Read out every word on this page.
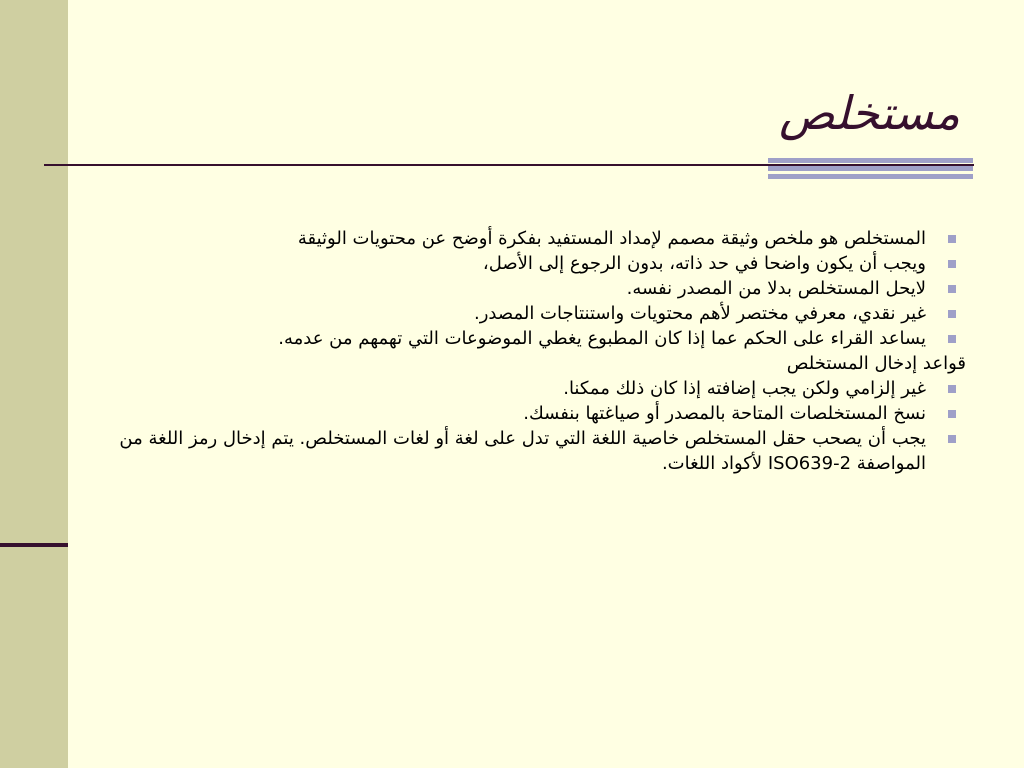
مستخلص

المستخلص هو ملخص وثيقة مصمم لإمداد المستفيد بفكرة أوضح عن محتويات الوثيقة

ويجب أن يكون واضحا في حد ذاته، بدون الرجوع إلى الأصل،

لايحل المستخلص بدلا من المصدر نفسه.

غير نقدي، معرفي مختصر لأهم محتويات واستنتاجات المصدر.

يساعد القراء على الحكم عما إذا كان المطبوع يغطي الموضوعات التي تهمهم من عدمه.

قواعد إدخال المستخلص

غير إلزامي ولكن يجب إضافته إذا كان ذلك ممكنا.

نسخ المستخلصات المتاحة بالمصدر أو صياغتها بنفسك.

يجب أن يصحب حقل المستخلص خاصية اللغة التي تدل على لغة أو لغات المستخلص. يتم إدخال رمز اللغة من المواصفة ISO639-2 لأكواد اللغات.
